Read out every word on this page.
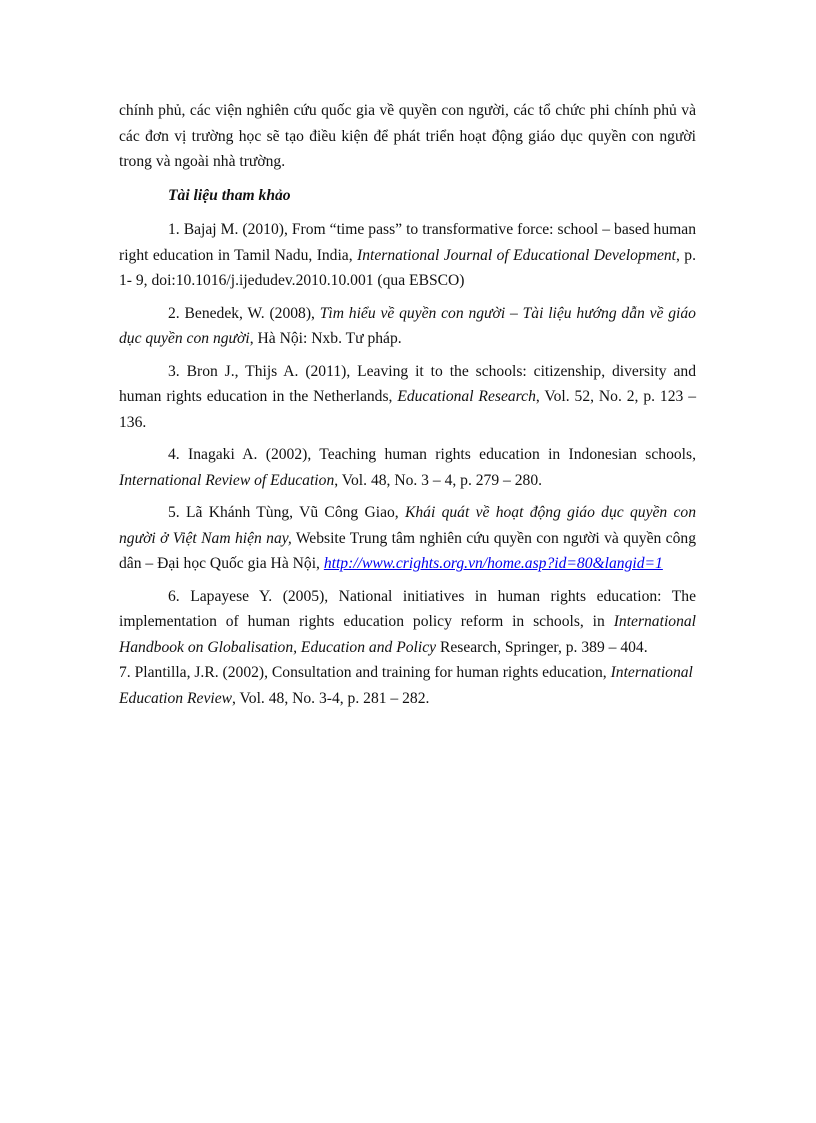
chính phủ, các viện nghiên cứu quốc gia về quyền con người, các tổ chức phi chính phủ và các đơn vị trường học sẽ tạo điều kiện để phát triển hoạt động giáo dục quyền con người trong và ngoài nhà trường.

Tài liệu tham khảo

1. Bajaj M. (2010), From “time pass” to transformative force: school – based human right education in Tamil Nadu, India, International Journal of Educational Development, p. 1- 9, doi:10.1016/j.ijedudev.2010.10.001 (qua EBSCO)

2. Benedek, W. (2008), Tìm hiểu về quyền con người – Tài liệu hướng dẫn về giáo dục quyền con người, Hà Nội: Nxb. Tư pháp.

3. Bron J., Thijs A. (2011), Leaving it to the schools: citizenship, diversity and human rights education in the Netherlands, Educational Research, Vol. 52, No. 2, p. 123 – 136.

4. Inagaki A. (2002), Teaching human rights education in Indonesian schools, International Review of Education, Vol. 48, No. 3 – 4, p. 279 – 280.

5. Lã Khánh Tùng, Vũ Công Giao, Khái quát về hoạt động giáo dục quyền con người ở Việt Nam hiện nay, Website Trung tâm nghiên cứu quyền con người và quyền công dân – Đại học Quốc gia Hà Nội, http://www.crights.org.vn/home.asp?id=80&langid=1

6. Lapayese Y. (2005), National initiatives in human rights education: The implementation of human rights education policy reform in schools, in International Handbook on Globalisation, Education and Policy Research, Springer, p. 389 – 404.

7. Plantilla, J.R. (2002), Consultation and training for human rights education, International Education Review, Vol. 48, No. 3-4, p. 281 – 282.
